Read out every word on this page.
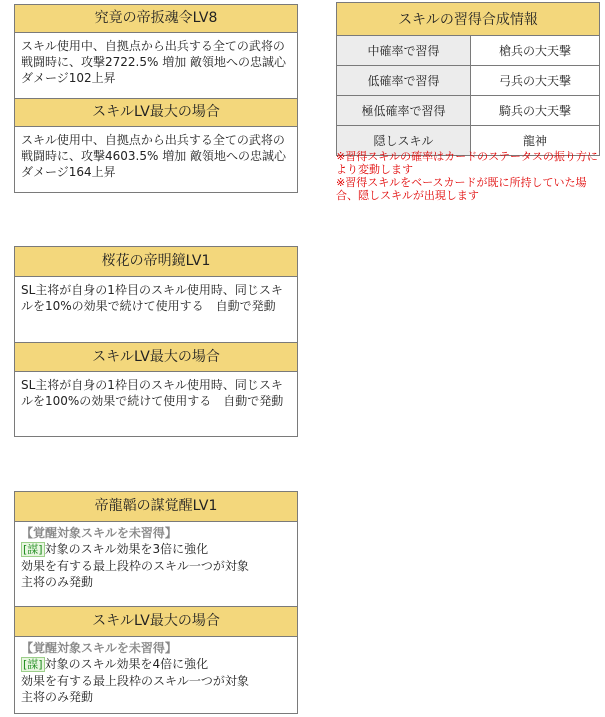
究竟の帝扳魂令LV8
スキル使用中、自拠点から出兵する全ての武将の戦闘時に、攻撃2722.5% 増加 敵領地への忠誠心ダメージ102上昇
スキルLV最大の場合
スキル使用中、自拠点から出兵する全ての武将の戦闘時に、攻撃4603.5% 増加 敵領地への忠誠心ダメージ164上昇
桜花の帝明鏡LV1
SL主将が自身の1枠目のスキル使用時、同じスキルを10%の効果で続けて使用する　自動で発動
スキルLV最大の場合
SL主将が自身の1枠目のスキル使用時、同じスキルを100%の効果で続けて使用する　自動で発動
帝龍韜の謀覚醒LV1
【覚醒対象スキルを未習得】
[謀] 対象のスキル効果を3倍に強化
効果を有する最上段枠のスキル一つが対象
主将のみ発動
スキルLV最大の場合
【覚醒対象スキルを未習得】
[謀] 対象のスキル効果を4倍に強化
効果を有する最上段枠のスキル一つが対象
主将のみ発動
スキルの習得合成情報	
中確率で習得	槍兵の大天撃
低確率で習得	弓兵の大天撃
極低確率で習得	騎兵の大天撃
隠しスキル	龍神
※習得スキルの確率はカードのステータスの振り方により変動します
※習得スキルをベースカードが既に所持していた場合、隠しスキルが出現します
